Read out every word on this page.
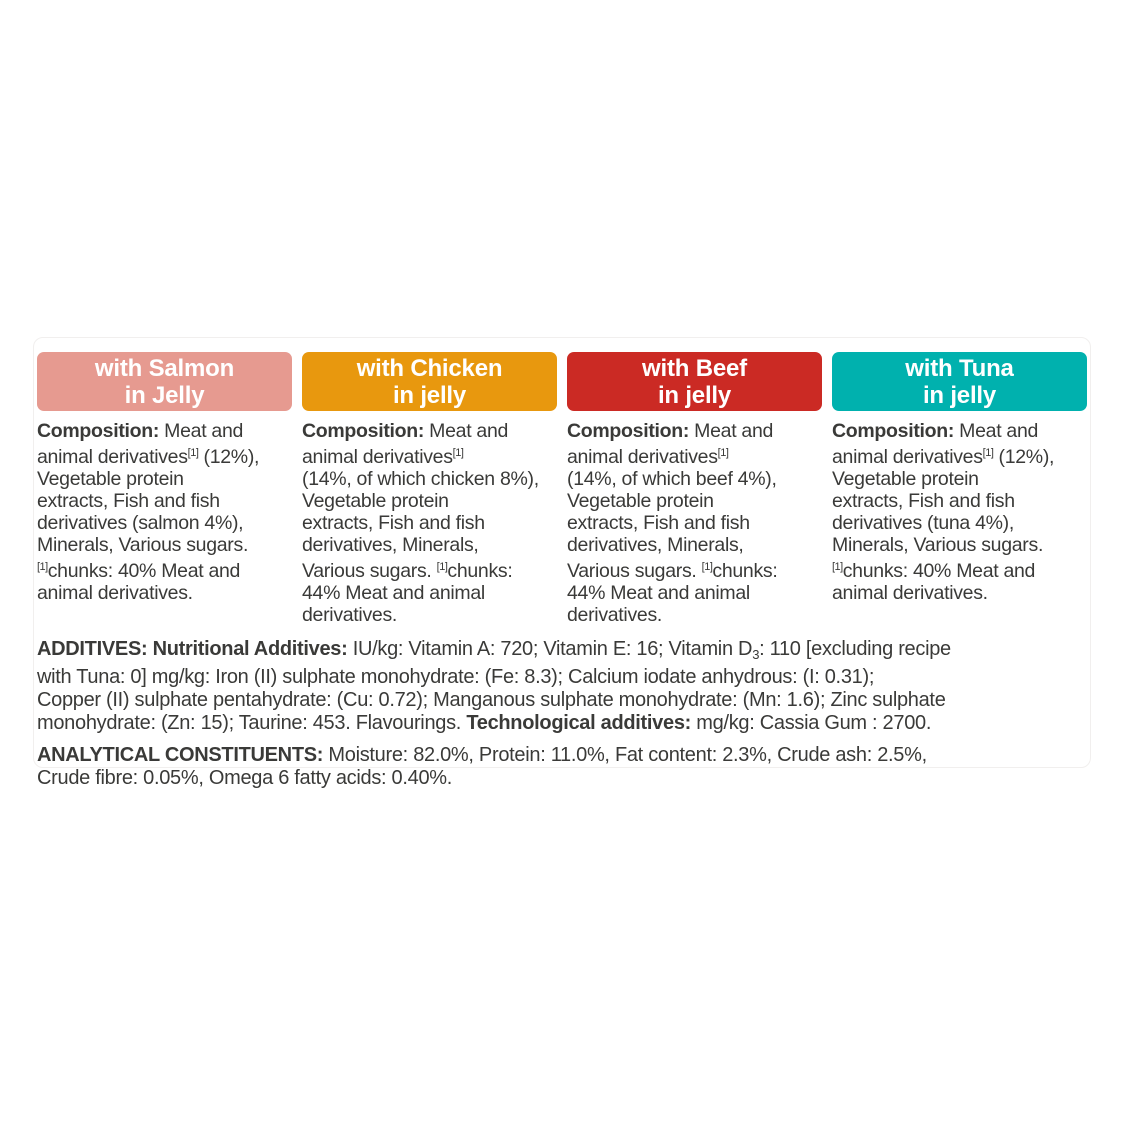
with Salmon
in Jelly
Composition: Meat and
animal derivatives[1] (12%),
Vegetable protein
extracts, Fish and fish
derivatives (salmon 4%),
Minerals, Various sugars.
[1]chunks: 40% Meat and
animal derivatives.
with Chicken
in jelly
Composition: Meat and
animal derivatives[1]
(14%, of which chicken 8%),
Vegetable protein
extracts, Fish and fish
derivatives, Minerals,
Various sugars. [1]chunks:
44% Meat and animal
derivatives.
with Beef
in jelly
Composition: Meat and
animal derivatives[1]
(14%, of which beef 4%),
Vegetable protein
extracts, Fish and fish
derivatives, Minerals,
Various sugars. [1]chunks:
44% Meat and animal
derivatives.
with Tuna
in jelly
Composition: Meat and
animal derivatives[1] (12%),
Vegetable protein
extracts, Fish and fish
derivatives (tuna 4%),
Minerals, Various sugars.
[1]chunks: 40% Meat and
animal derivatives.
ADDITIVES: Nutritional Additives: IU/kg: Vitamin A: 720; Vitamin E: 16; Vitamin $D_3$: 110 [excluding recipe
with Tuna: 0] mg/kg: Iron (II) sulphate monohydrate: (Fe: 8.3); Calcium iodate anhydrous: (I: 0.31);
Copper (II) sulphate pentahydrate: (Cu: 0.72); Manganous sulphate monohydrate: (Mn: 1.6); Zinc sulphate
monohydrate: (Zn: 15); Taurine: 453. Flavourings. Technological additives: mg/kg: Cassia Gum : 2700.
ANALYTICAL CONSTITUENTS: Moisture: 82.0%, Protein: 11.0%, Fat content: 2.3%, Crude ash: 2.5%,
Crude fibre: 0.05%, Omega 6 fatty acids: 0.40%.
